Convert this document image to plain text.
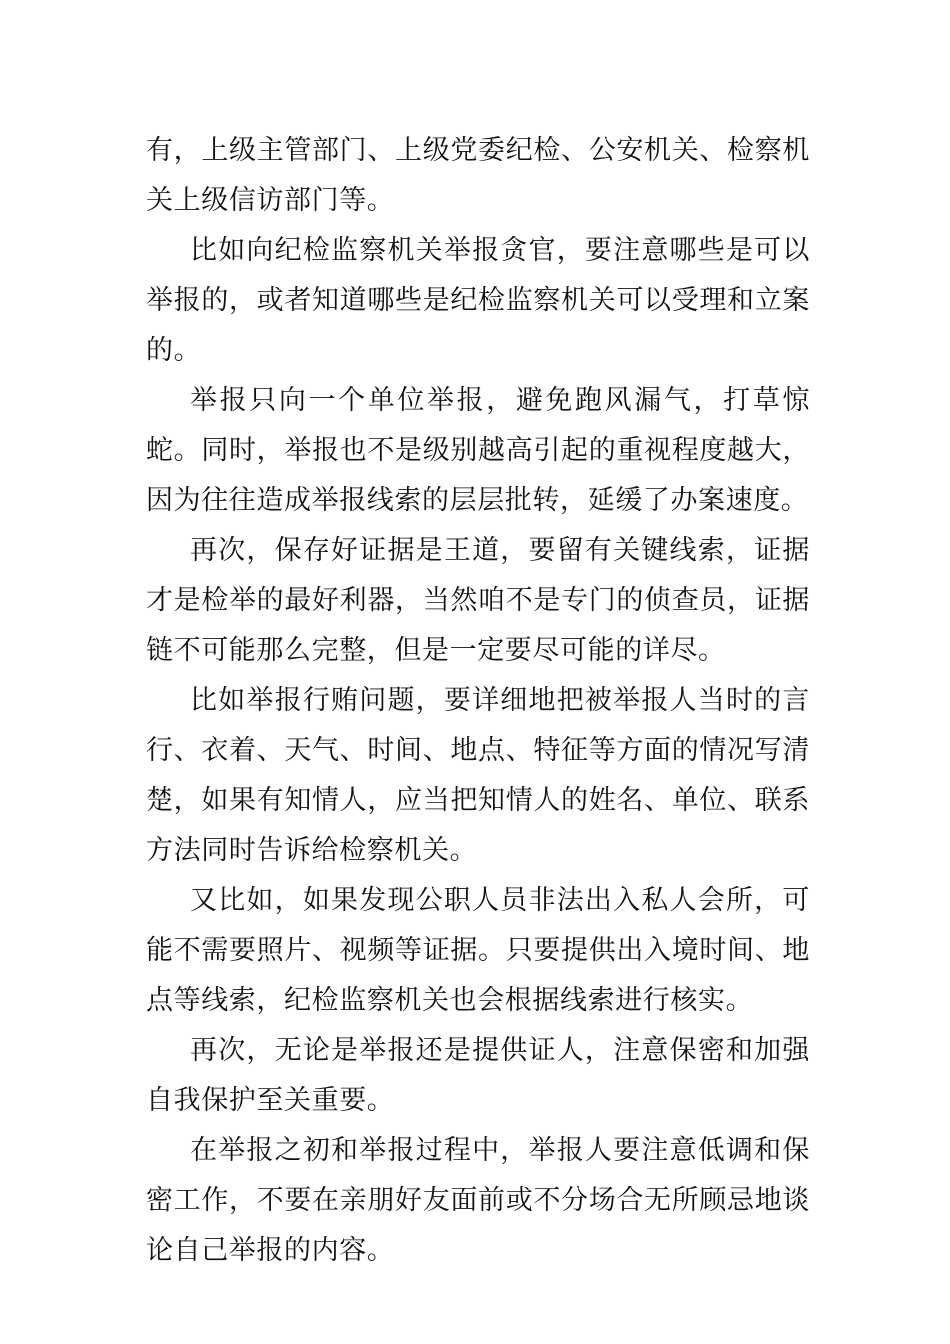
有，上级主管部门、上级党委纪检、公安机关、检察机关上级信访部门等。

比如向纪检监察机关举报贪官，要注意哪些是可以举报的，或者知道哪些是纪检监察机关可以受理和立案的。

举报只向一个单位举报，避免跑风漏气，打草惊蛇。同时，举报也不是级别越高引起的重视程度越大，因为往往造成举报线索的层层批转，延缓了办案速度。

再次，保存好证据是王道，要留有关键线索，证据才是检举的最好利器，当然咱不是专门的侦查员，证据链不可能那么完整，但是一定要尽可能的详尽。

比如举报行贿问题，要详细地把被举报人当时的言行、衣着、天气、时间、地点、特征等方面的情况写清楚，如果有知情人，应当把知情人的姓名、单位、联系方法同时告诉给检察机关。

又比如，如果发现公职人员非法出入私人会所，可能不需要照片、视频等证据。只要提供出入境时间、地点等线索，纪检监察机关也会根据线索进行核实。

再次，无论是举报还是提供证人，注意保密和加强自我保护至关重要。

在举报之初和举报过程中，举报人要注意低调和保密工作，不要在亲朋好友面前或不分场合无所顾忌地谈论自己举报的内容。
